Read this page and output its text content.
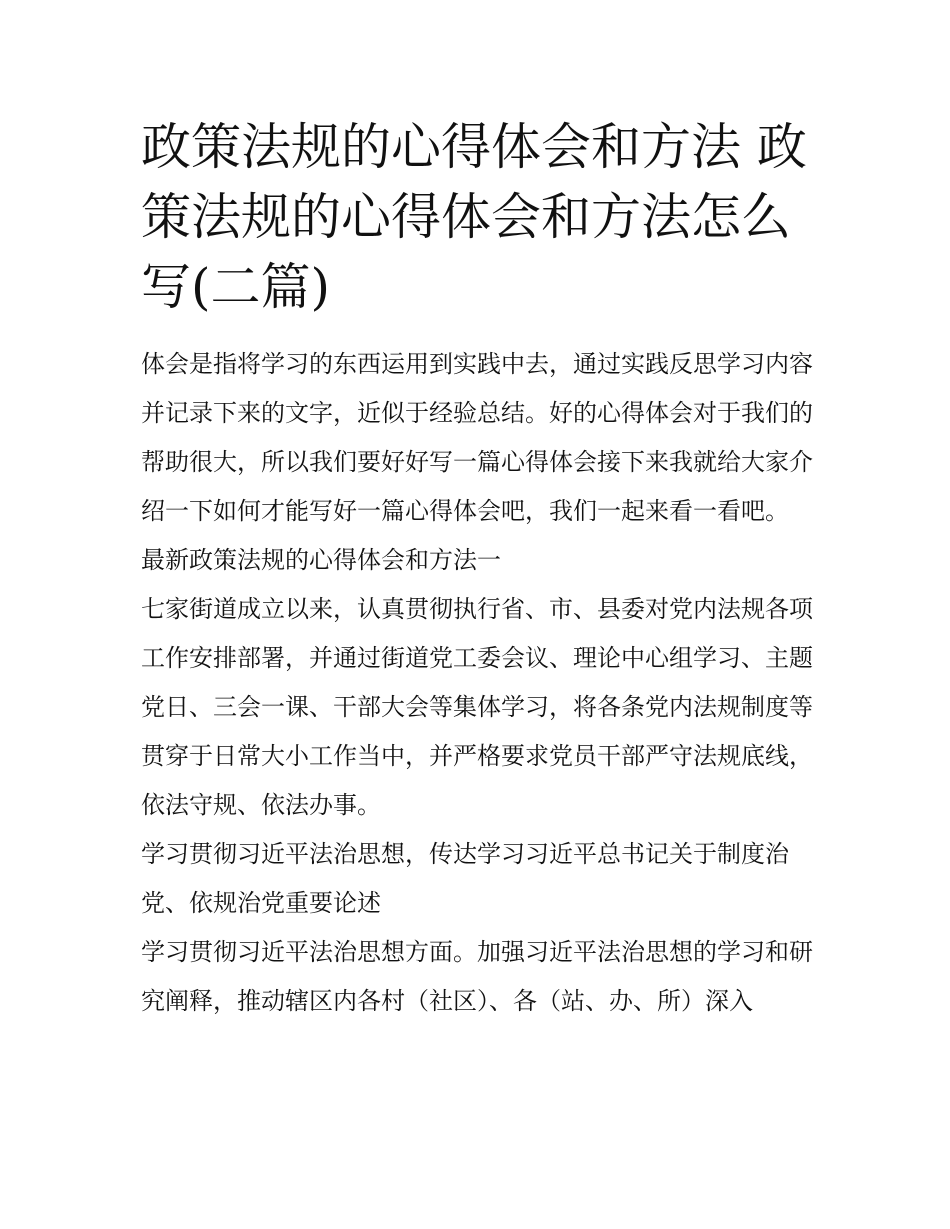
政策法规的心得体会和方法 政策法规的心得体会和方法怎么写(二篇)

体会是指将学习的东西运用到实践中去，通过实践反思学习内容并记录下来的文字，近似于经验总结。好的心得体会对于我们的帮助很大，所以我们要好好写一篇心得体会接下来我就给大家介绍一下如何才能写好一篇心得体会吧，我们一起来看一看吧。

最新政策法规的心得体会和方法一

七家街道成立以来，认真贯彻执行省、市、县委对党内法规各项工作安排部署，并通过街道党工委会议、理论中心组学习、主题党日、三会一课、干部大会等集体学习，将各条党内法规制度等贯穿于日常大小工作当中，并严格要求党员干部严守法规底线，依法守规、依法办事。

学习贯彻习近平法治思想，传达学习习近平总书记关于制度治党、依规治党重要论述

学习贯彻习近平法治思想方面。加强习近平法治思想的学习和研究阐释，推动辖区内各村（社区）、各（站、办、所）深入
